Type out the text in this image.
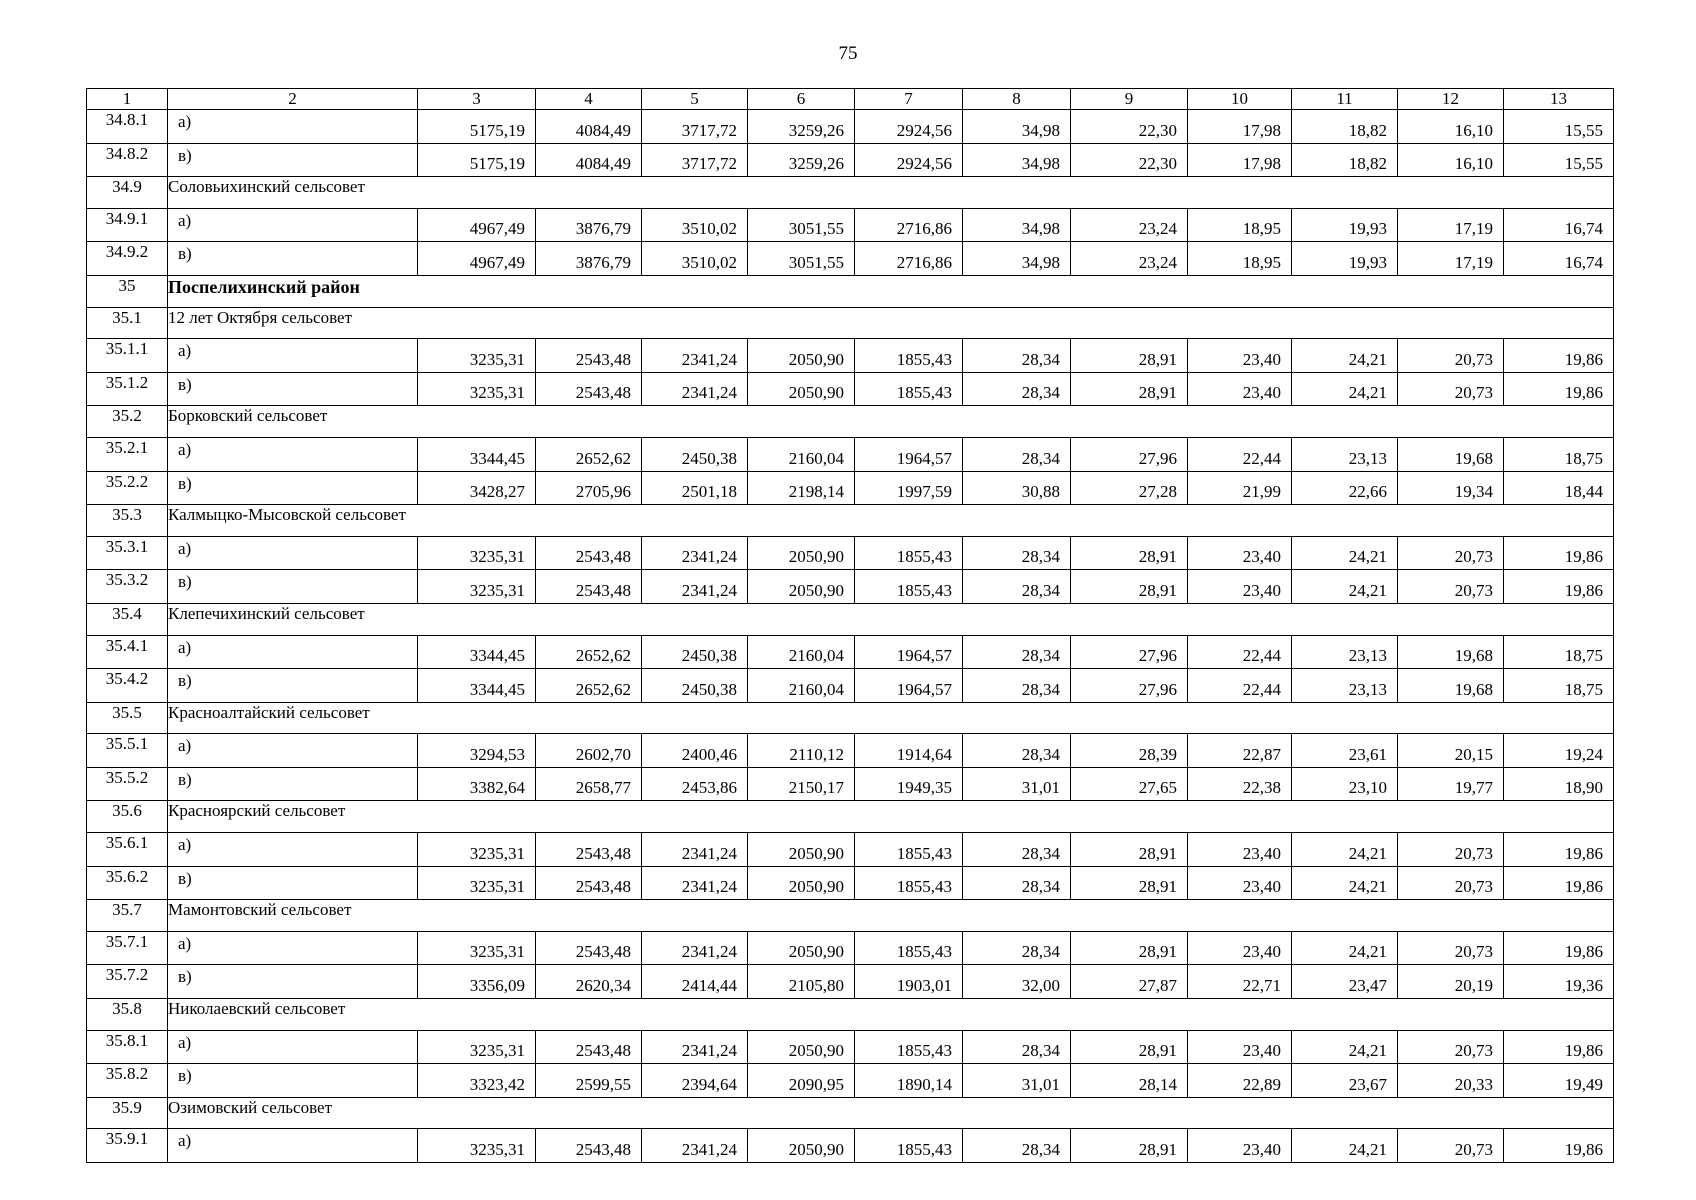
75
1	2	3	4	5	6	7	8	9	10	11	12	13
34.8.1	а)	5175,19	4084,49	3717,72	3259,26	2924,56	34,98	22,30	17,98	18,82	16,10	15,55
34.8.2	в)	5175,19	4084,49	3717,72	3259,26	2924,56	34,98	22,30	17,98	18,82	16,10	15,55
34.9	Соловьихинский сельсовет											
34.9.1	а)	4967,49	3876,79	3510,02	3051,55	2716,86	34,98	23,24	18,95	19,93	17,19	16,74
34.9.2	в)	4967,49	3876,79	3510,02	3051,55	2716,86	34,98	23,24	18,95	19,93	17,19	16,74
35	Поспелихинский район											
35.1	12 лет Октября сельсовет											
35.1.1	а)	3235,31	2543,48	2341,24	2050,90	1855,43	28,34	28,91	23,40	24,21	20,73	19,86
35.1.2	в)	3235,31	2543,48	2341,24	2050,90	1855,43	28,34	28,91	23,40	24,21	20,73	19,86
35.2	Борковский сельсовет											
35.2.1	а)	3344,45	2652,62	2450,38	2160,04	1964,57	28,34	27,96	22,44	23,13	19,68	18,75
35.2.2	в)	3428,27	2705,96	2501,18	2198,14	1997,59	30,88	27,28	21,99	22,66	19,34	18,44
35.3	Калмыцко-Мысовской сельсовет											
35.3.1	а)	3235,31	2543,48	2341,24	2050,90	1855,43	28,34	28,91	23,40	24,21	20,73	19,86
35.3.2	в)	3235,31	2543,48	2341,24	2050,90	1855,43	28,34	28,91	23,40	24,21	20,73	19,86
35.4	Клепечихинский сельсовет											
35.4.1	а)	3344,45	2652,62	2450,38	2160,04	1964,57	28,34	27,96	22,44	23,13	19,68	18,75
35.4.2	в)	3344,45	2652,62	2450,38	2160,04	1964,57	28,34	27,96	22,44	23,13	19,68	18,75
35.5	Красноалтайский сельсовет											
35.5.1	а)	3294,53	2602,70	2400,46	2110,12	1914,64	28,34	28,39	22,87	23,61	20,15	19,24
35.5.2	в)	3382,64	2658,77	2453,86	2150,17	1949,35	31,01	27,65	22,38	23,10	19,77	18,90
35.6	Красноярский сельсовет											
35.6.1	а)	3235,31	2543,48	2341,24	2050,90	1855,43	28,34	28,91	23,40	24,21	20,73	19,86
35.6.2	в)	3235,31	2543,48	2341,24	2050,90	1855,43	28,34	28,91	23,40	24,21	20,73	19,86
35.7	Мамонтовский сельсовет											
35.7.1	а)	3235,31	2543,48	2341,24	2050,90	1855,43	28,34	28,91	23,40	24,21	20,73	19,86
35.7.2	в)	3356,09	2620,34	2414,44	2105,80	1903,01	32,00	27,87	22,71	23,47	20,19	19,36
35.8	Николаевский сельсовет											
35.8.1	а)	3235,31	2543,48	2341,24	2050,90	1855,43	28,34	28,91	23,40	24,21	20,73	19,86
35.8.2	в)	3323,42	2599,55	2394,64	2090,95	1890,14	31,01	28,14	22,89	23,67	20,33	19,49
35.9	Озимовский сельсовет											
35.9.1	а)	3235,31	2543,48	2341,24	2050,90	1855,43	28,34	28,91	23,40	24,21	20,73	19,86
